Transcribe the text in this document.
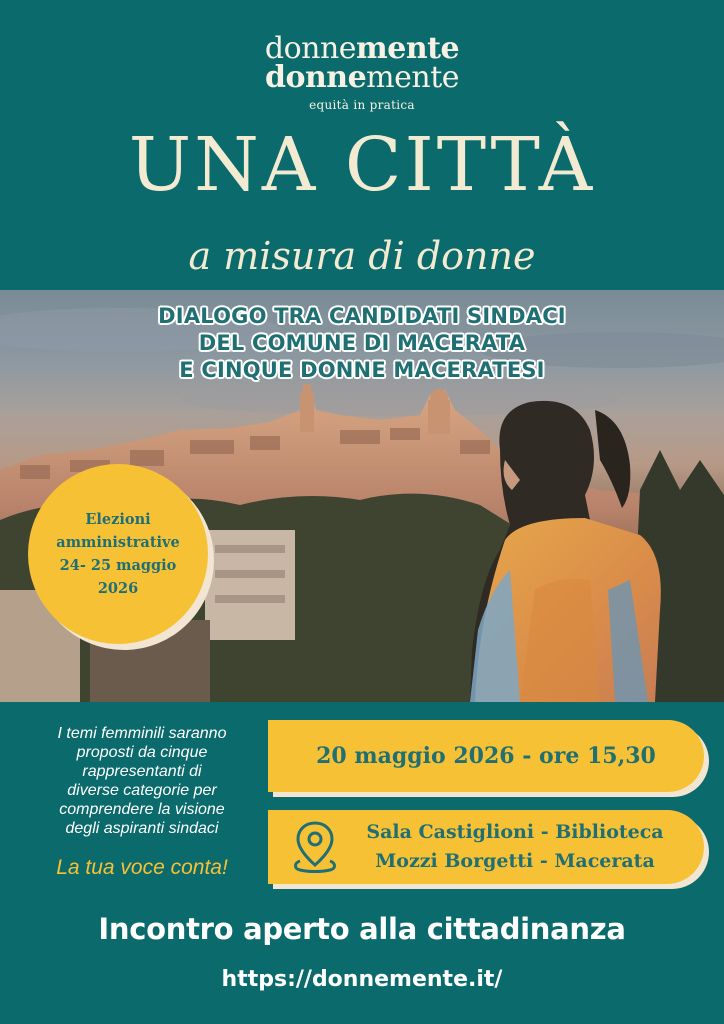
donnemente
donnemente
equità in pratica
UNA CITTÀ
a misura di donne
DIALOGO TRA CANDIDATI SINDACI
DEL COMUNE DI MACERATA
E CINQUE DONNE MACERATESI
Elezioni
amministrative
24- 25 maggio
2026
I temi femminili saranno
proposti da cinque
rappresentanti di
diverse categorie per
comprendere la visione
degli aspiranti sindaci
La tua voce conta!
20 maggio 2026 - ore 15,30
Sala Castiglioni - Biblioteca
Mozzi Borgetti - Macerata
Incontro aperto alla cittadinanza
https://donnemente.it/
